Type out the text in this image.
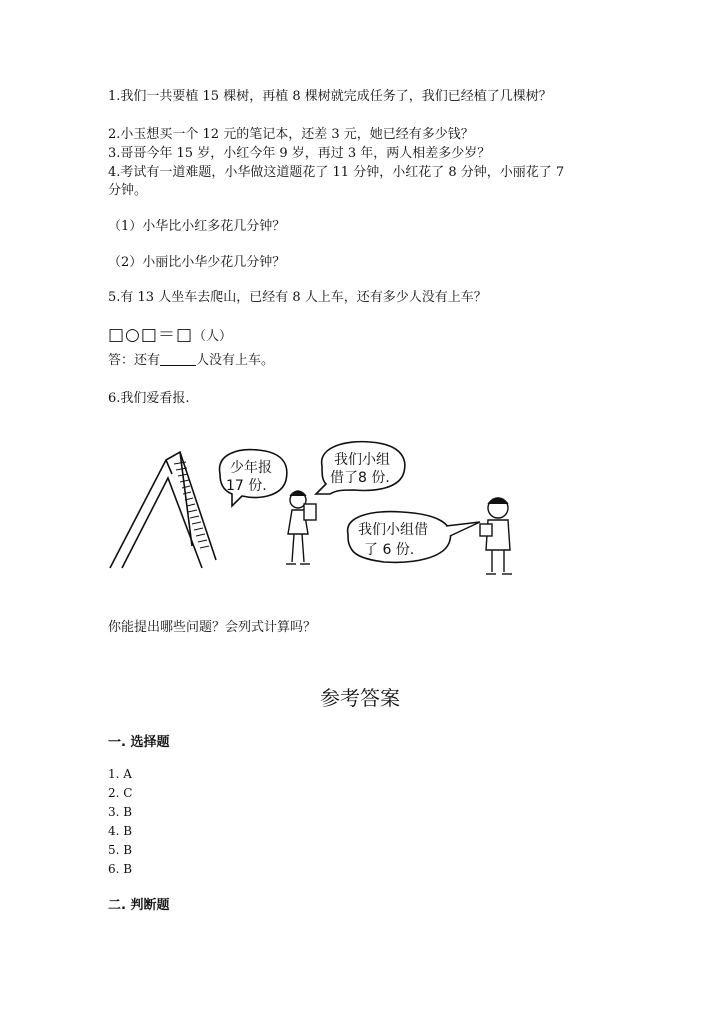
1.我们一共要植 15 棵树，再植 8 棵树就完成任务了，我们已经植了几棵树？
2.小玉想买一个 12 元的笔记本，还差 3 元，她已经有多少钱？
3.哥哥今年 15 岁，小红今年 9 岁，再过 3 年，两人相差多少岁？
4.考试有一道难题，小华做这道题花了 11 分钟，小红花了 8 分钟，小丽花了 7
分钟。
（1）小华比小红多花几分钟？
（2）小丽比小华少花几分钟？
5.有 13 人坐车去爬山，已经有 8 人上车，还有多少人没有上车？
□○□＝□（人）
答：还有	人没有上车。
6.我们爱看报.
少年报
17 份.
我们小组
借了8 份.
我们小组借
了 6 份.
你能提出哪些问题？会列式计算吗？
参考答案
一. 选择题
1. A
2. C
3. B
4. B
5. B
6. B
二. 判断题
